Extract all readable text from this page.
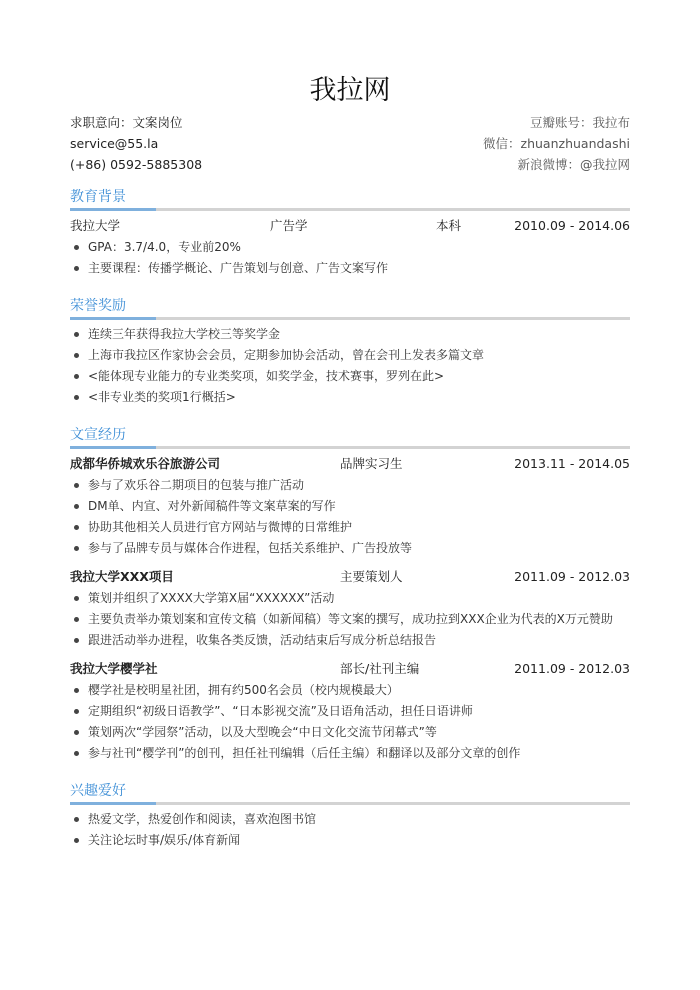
我拉网
求职意向：文案岗位
service@55.la
(+86) 0592-5885308
豆瓣账号：我拉布
微信：zhuanzhuandashi
新浪微博：@我拉网
教育背景
我拉大学	广告学	本科	2010.09 - 2014.06
GPA：3.7/4.0，专业前20%
主要课程：传播学概论、广告策划与创意、广告文案写作
荣誉奖励
连续三年获得我拉大学校三等奖学金
上海市我拉区作家协会会员，定期参加协会活动，曾在会刊上发表多篇文章
<能体现专业能力的专业类奖项，如奖学金，技术赛事，罗列在此>
<非专业类的奖项1行概括>
文宣经历
成都华侨城欢乐谷旅游公司	品牌实习生	2013.11 - 2014.05
参与了欢乐谷二期项目的包装与推广活动
DM单、内宣、对外新闻稿件等文案草案的写作
协助其他相关人员进行官方网站与微博的日常维护
参与了品牌专员与媒体合作进程，包括关系维护、广告投放等
我拉大学XXX项目	主要策划人	2011.09 - 2012.03
策划并组织了XXXX大学第X届“XXXXXX”活动
主要负责举办策划案和宣传文稿（如新闻稿）等文案的撰写，成功拉到XXX企业为代表的X万元赞助
跟进活动举办进程，收集各类反馈，活动结束后写成分析总结报告
我拉大学樱学社	部长/社刊主编	2011.09 - 2012.03
樱学社是校明星社团，拥有约500名会员（校内规模最大）
定期组织“初级日语教学”、“日本影视交流”及日语角活动，担任日语讲师
策划两次“学园祭”活动，以及大型晚会“中日文化交流节闭幕式”等
参与社刊“樱学刊”的创刊，担任社刊编辑（后任主编）和翻译以及部分文章的创作
兴趣爱好
热爱文学，热爱创作和阅读，喜欢泡图书馆
关注论坛时事/娱乐/体育新闻
